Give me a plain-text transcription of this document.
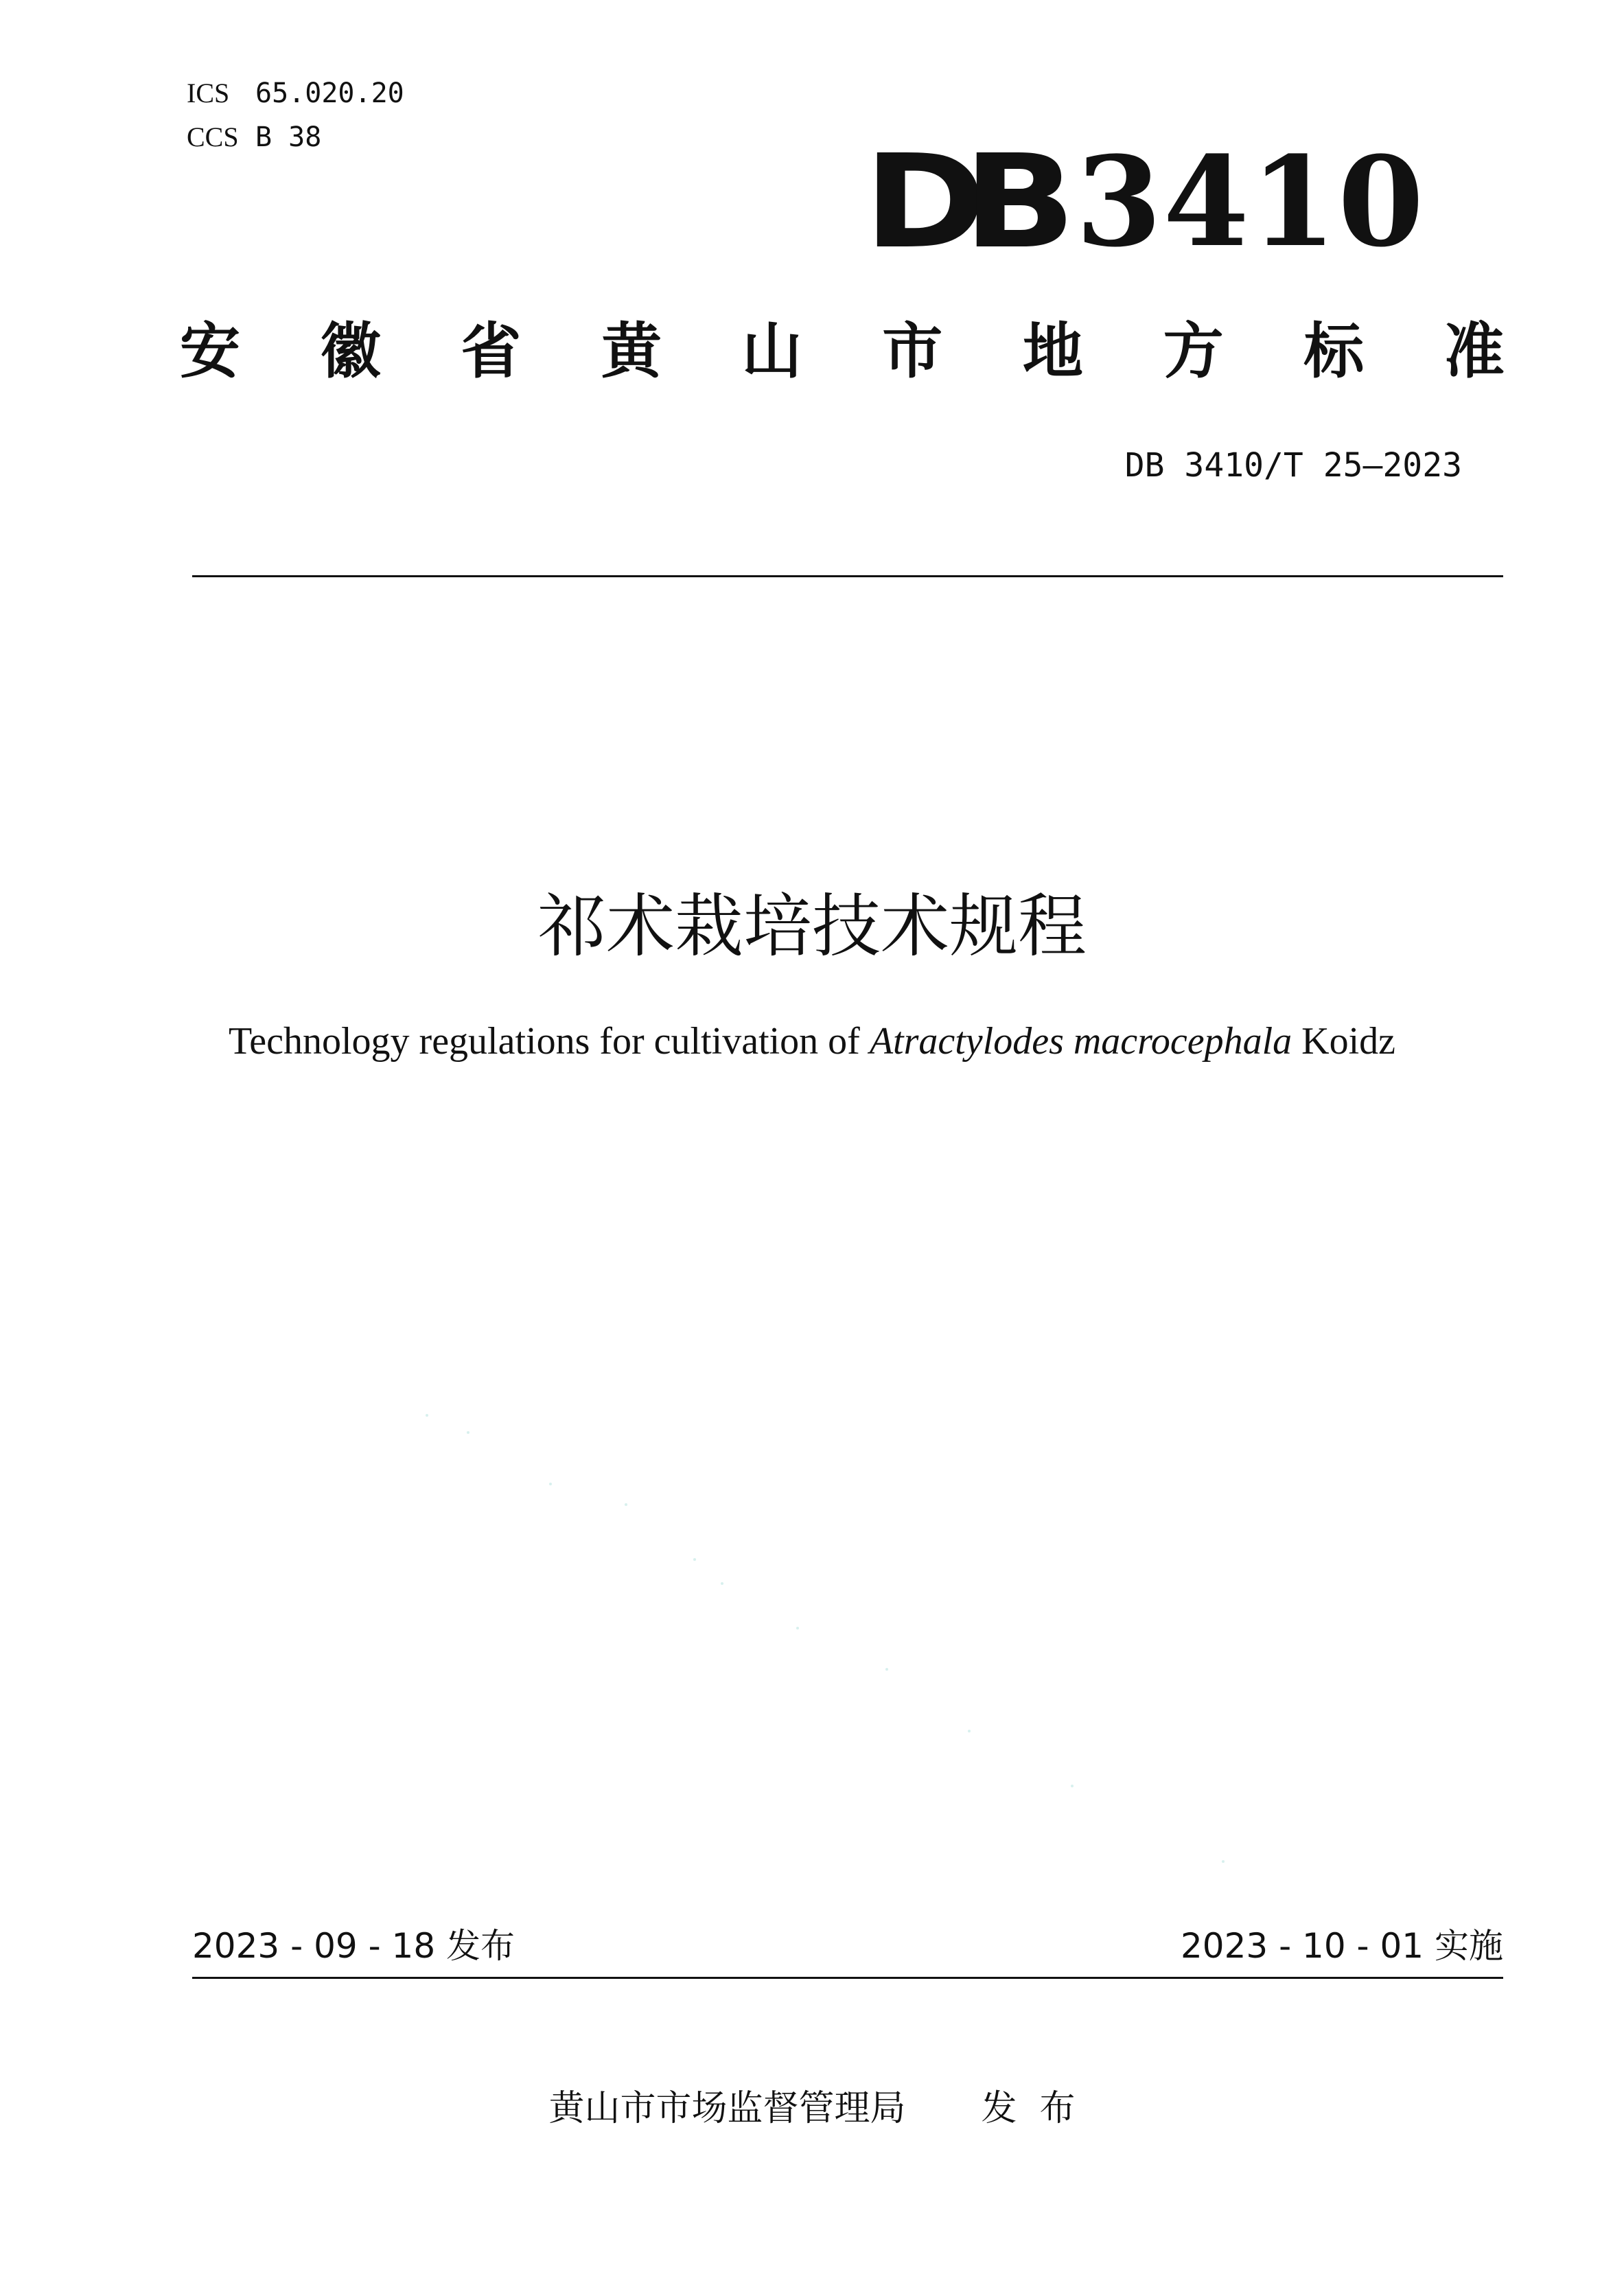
ICS 65.020.20
CCS B 38	DB 3410
安 徽 省 黄 山 市 地 方 标 准
DB 3410/T 25—2023
祁术栽培技术规程
Technology regulations for cultivation of Atractylodes macrocephala Koidz
2023 - 09 - 18 发布	2023 - 10 - 01 实施
黄山市市场监督管理局 发  布
